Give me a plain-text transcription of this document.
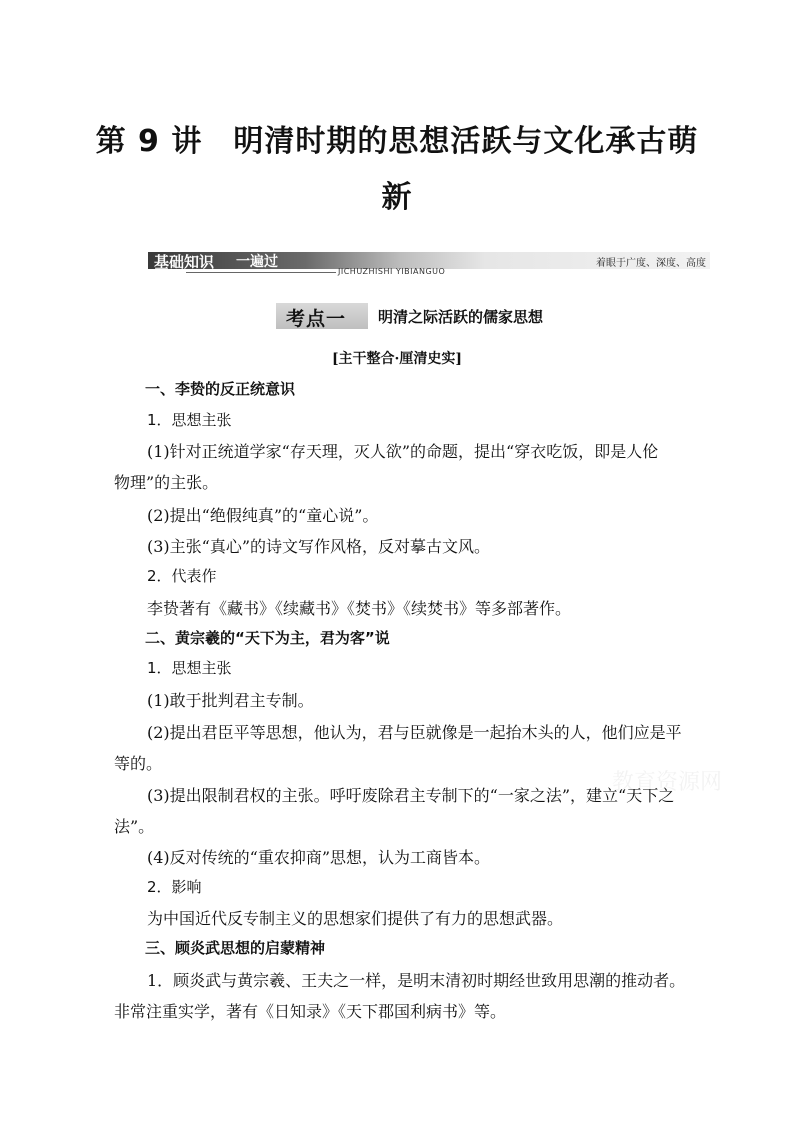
第 9 讲　明清时期的思想活跃与文化承古萌
新
基础知识 一遍过	着眼于广度、深度、高度
JICHUZHISHI YIBIANGUO
考点一 明清之际活跃的儒家思想
[主干整合·厘清史实]
一、李贽的反正统意识
1．思想主张
(1)针对正统道学家“存天理，灭人欲”的命题，提出“穿衣吃饭，即是人伦
物理”的主张。
(2)提出“绝假纯真”的“童心说”。
(3)主张“真心”的诗文写作风格，反对摹古文风。
2．代表作
李贽著有《藏书》《续藏书》《焚书》《续焚书》等多部著作。
二、黄宗羲的“天下为主，君为客”说
1．思想主张
(1)敢于批判君主专制。
(2)提出君臣平等思想，他认为，君与臣就像是一起抬木头的人，他们应是平
等的。
(3)提出限制君权的主张。呼吁废除君主专制下的“一家之法”，建立“天下之
法”。
(4)反对传统的“重农抑商”思想，认为工商皆本。
2．影响
为中国近代反专制主义的思想家们提供了有力的思想武器。
三、顾炎武思想的启蒙精神
1．顾炎武与黄宗羲、王夫之一样，是明末清初时期经世致用思潮的推动者。
非常注重实学，著有《日知录》《天下郡国利病书》等。
教育资源网
